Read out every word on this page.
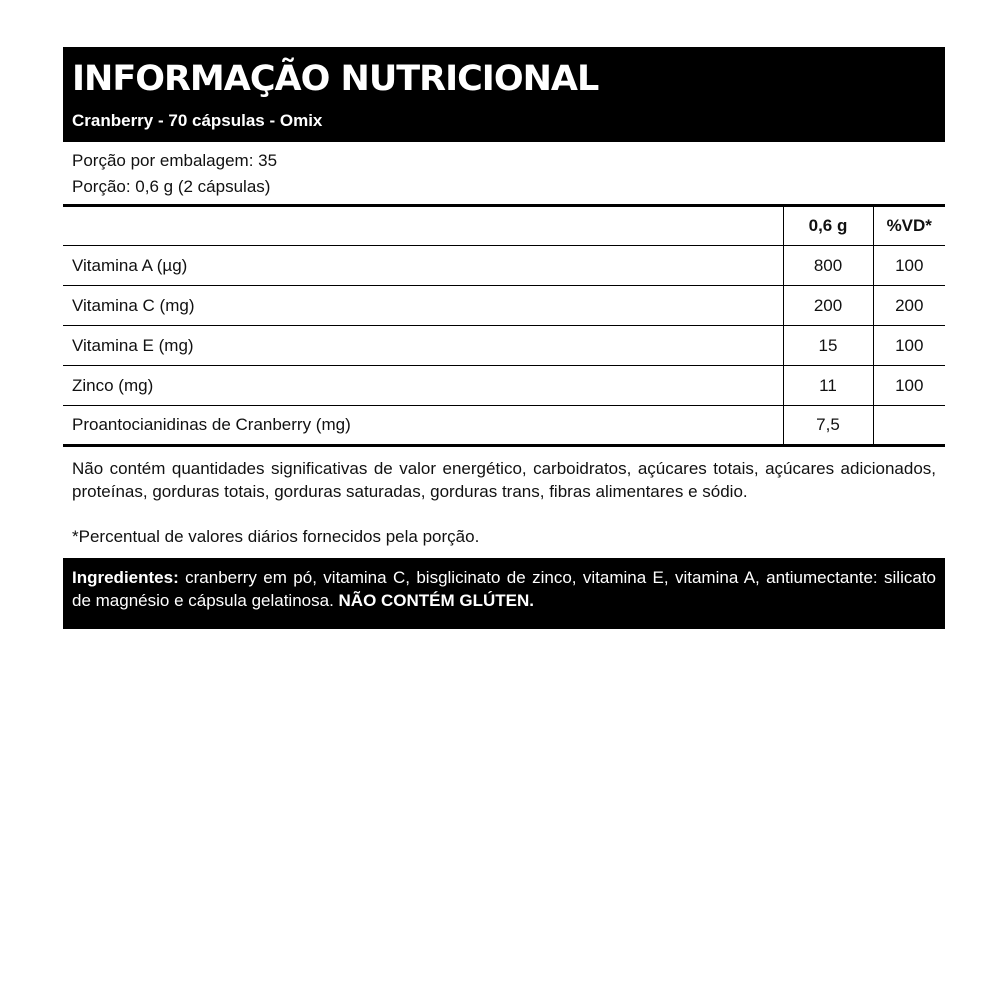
INFORMAÇÃO NUTRICIONAL
Cranberry - 70 cápsulas - Omix
Porção por embalagem: 35
Porção: 0,6 g (2 cápsulas)
	0,6 g	%VD*
Vitamina A (µg)	800	100
Vitamina C (mg)	200	200
Vitamina E (mg)	15	100
Zinco (mg)	11	100
Proantocianidinas de Cranberry (mg)	7,5	

Não contém quantidades significativas de valor energético, carboidratos, açúcares totais, açúcares adicionados, proteínas, gorduras totais, gorduras saturadas, gorduras trans, fibras alimentares e sódio.

*Percentual de valores diários fornecidos pela porção.

Ingredientes: cranberry em pó, vitamina C, bisglicinato de zinco, vitamina E, vitamina A, antiumectante: silicato de magnésio e cápsula gelatinosa. NÃO CONTÉM GLÚTEN.
